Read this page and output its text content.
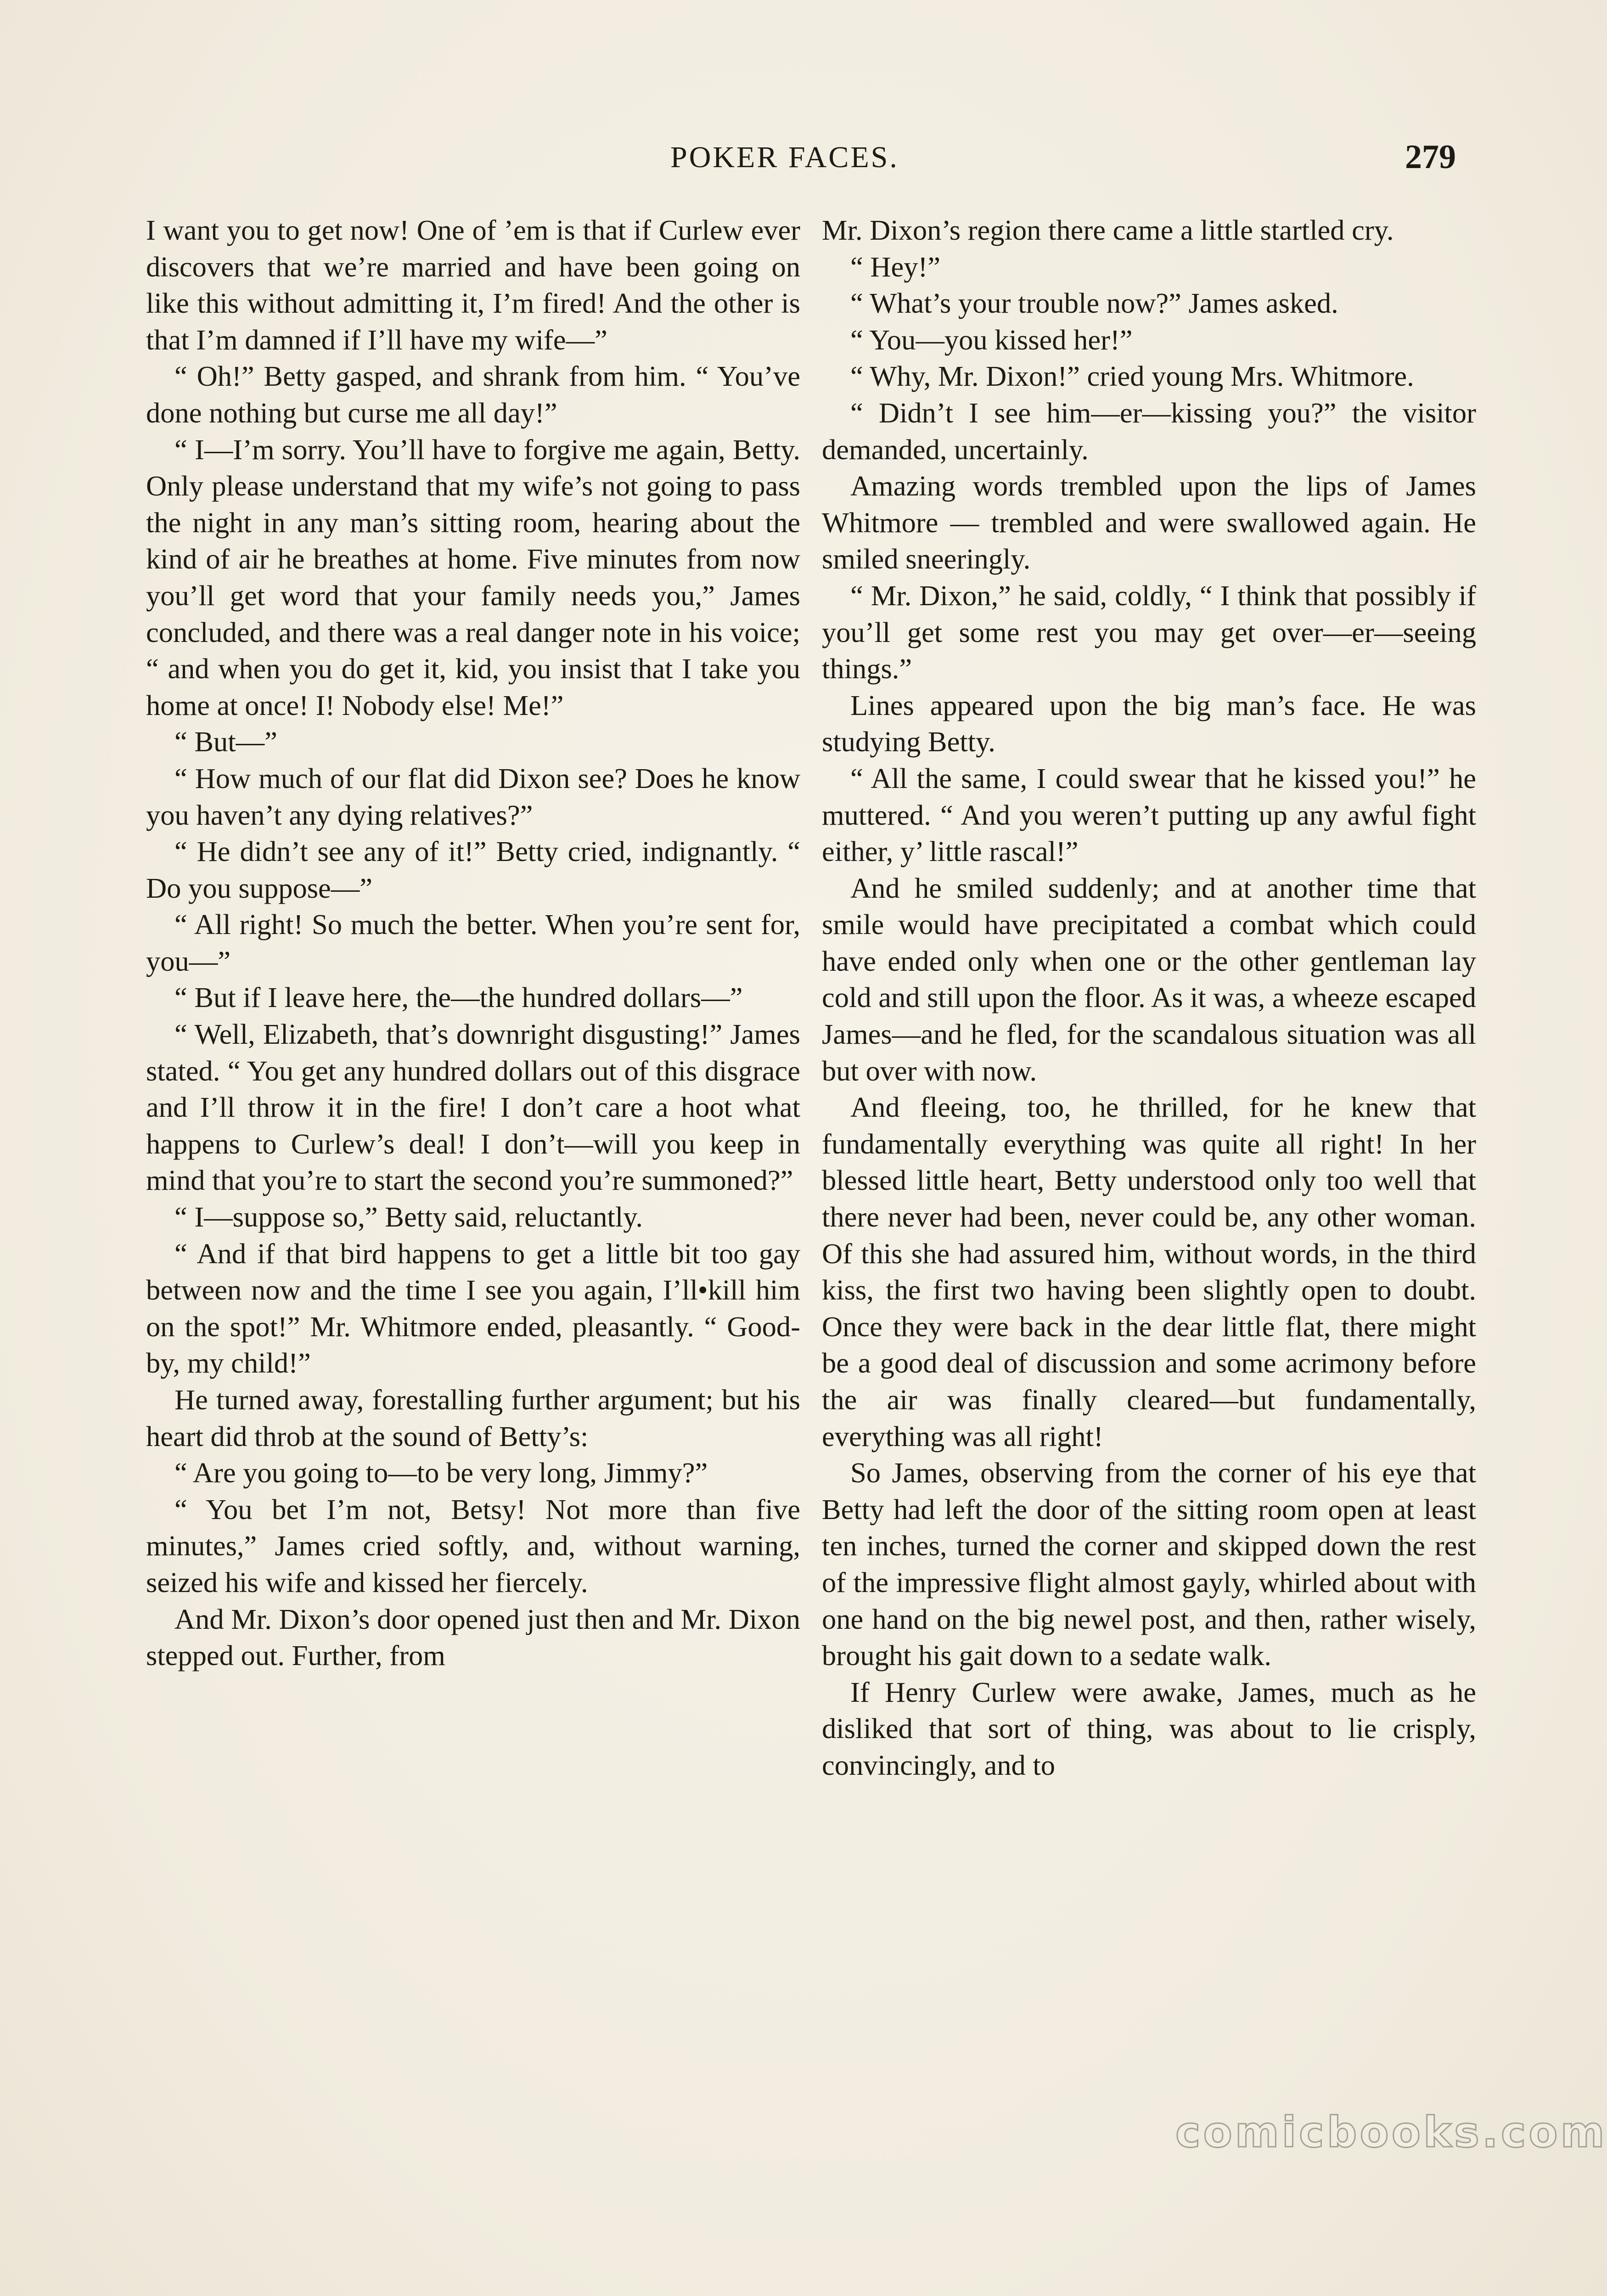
POKER FACES.	279

I want you to get now! One of ’em is that if Curlew ever discovers that we’re married and have been going on like this without admitting it, I’m fired! And the other is that I’m damned if I’ll have my wife—”

“ Oh!” Betty gasped, and shrank from him. “ You’ve done nothing but curse me all day!”

“ I—I’m sorry. You’ll have to forgive me again, Betty. Only please understand that my wife’s not going to pass the night in any man’s sitting room, hearing about the kind of air he breathes at home. Five minutes from now you’ll get word that your family needs you,” James concluded, and there was a real danger note in his voice; “ and when you do get it, kid, you insist that I take you home at once! I! Nobody else! Me!”

“ But—”

“ How much of our flat did Dixon see? Does he know you haven’t any dying relatives?”

“ He didn’t see any of it!” Betty cried, indignantly. “ Do you suppose—”

“ All right! So much the better. When you’re sent for, you—”

“ But if I leave here, the—the hundred dollars—”

“ Well, Elizabeth, that’s downright disgusting!” James stated. “ You get any hundred dollars out of this disgrace and I’ll throw it in the fire! I don’t care a hoot what happens to Curlew’s deal! I don’t—will you keep in mind that you’re to start the second you’re summoned?”

“ I—suppose so,” Betty said, reluctantly.

“ And if that bird happens to get a little bit too gay between now and the time I see you again, I’ll•kill him on the spot!” Mr. Whitmore ended, pleasantly. “ Good-by, my child!”

He turned away, forestalling further argument; but his heart did throb at the sound of Betty’s:

“ Are you going to—to be very long, Jimmy?”

“ You bet I’m not, Betsy! Not more than five minutes,” James cried softly, and, without warning, seized his wife and kissed her fiercely.

And Mr. Dixon’s door opened just then and Mr. Dixon stepped out. Further, from

Mr. Dixon’s region there came a little startled cry.

“ Hey!”

“ What’s your trouble now?” James asked.

“ You—you kissed her!”

“ Why, Mr. Dixon!” cried young Mrs. Whitmore.

“ Didn’t I see him—er—kissing you?” the visitor demanded, uncertainly.

Amazing words trembled upon the lips of James Whitmore — trembled and were swallowed again. He smiled sneeringly.

“ Mr. Dixon,” he said, coldly, “ I think that possibly if you’ll get some rest you may get over—er—seeing things.”

Lines appeared upon the big man’s face. He was studying Betty.

“ All the same, I could swear that he kissed you!” he muttered. “ And you weren’t putting up any awful fight either, y’ little rascal!”

And he smiled suddenly; and at another time that smile would have precipitated a combat which could have ended only when one or the other gentleman lay cold and still upon the floor. As it was, a wheeze escaped James—and he fled, for the scandalous situation was all but over with now.

And fleeing, too, he thrilled, for he knew that fundamentally everything was quite all right! In her blessed little heart, Betty understood only too well that there never had been, never could be, any other woman. Of this she had assured him, without words, in the third kiss, the first two having been slightly open to doubt. Once they were back in the dear little flat, there might be a good deal of discussion and some acrimony before the air was finally cleared—but fundamentally, everything was all right!

So James, observing from the corner of his eye that Betty had left the door of the sitting room open at least ten inches, turned the corner and skipped down the rest of the impressive flight almost gayly, whirled about with one hand on the big newel post, and then, rather wisely, brought his gait down to a sedate walk.

If Henry Curlew were awake, James, much as he disliked that sort of thing, was about to lie crisply, convincingly, and to

comicbooks.com
